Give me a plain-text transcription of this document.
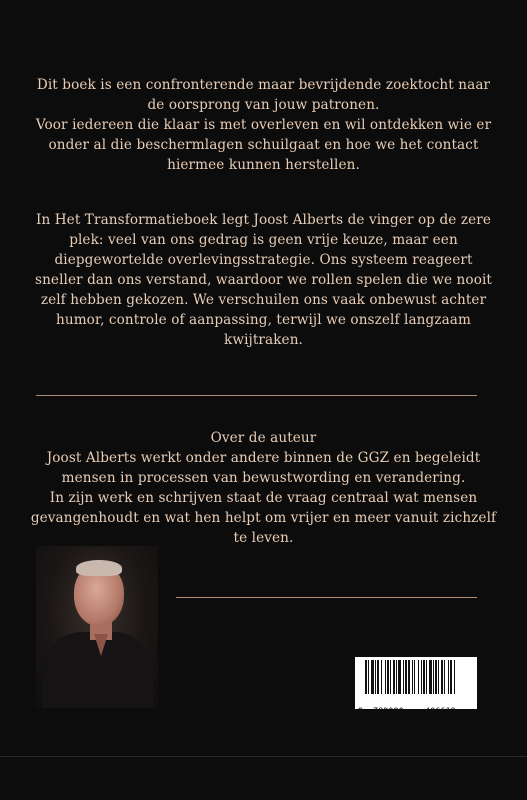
Dit boek is een confronterende maar bevrijdende zoektocht naar de oorsprong van jouw patronen.

Voor iedereen die klaar is met overleven en wil ontdekken wie er onder al die beschermlagen schuilgaat en hoe we het contact hiermee kunnen herstellen.

In Het Transformatieboek legt Joost Alberts de vinger op de zere plek: veel van ons gedrag is geen vrije keuze, maar een diepgewortelde overlevingsstrategie. Ons systeem reageert sneller dan ons verstand, waardoor we rollen spelen die we nooit zelf hebben gekozen. We verschuilen ons vaak onbewust achter humor, controle of aanpassing, terwijl we onszelf langzaam kwijtraken.

Over de auteur

Joost Alberts werkt onder andere binnen de GGZ en begeleidt mensen in processen van bewustwording en verandering.

In zijn werk en schrijven staat de vraag centraal wat mensen gevangenhoudt en wat hen helpt om vrijer en meer vanuit zichzelf te leven.

9 789090	406619
